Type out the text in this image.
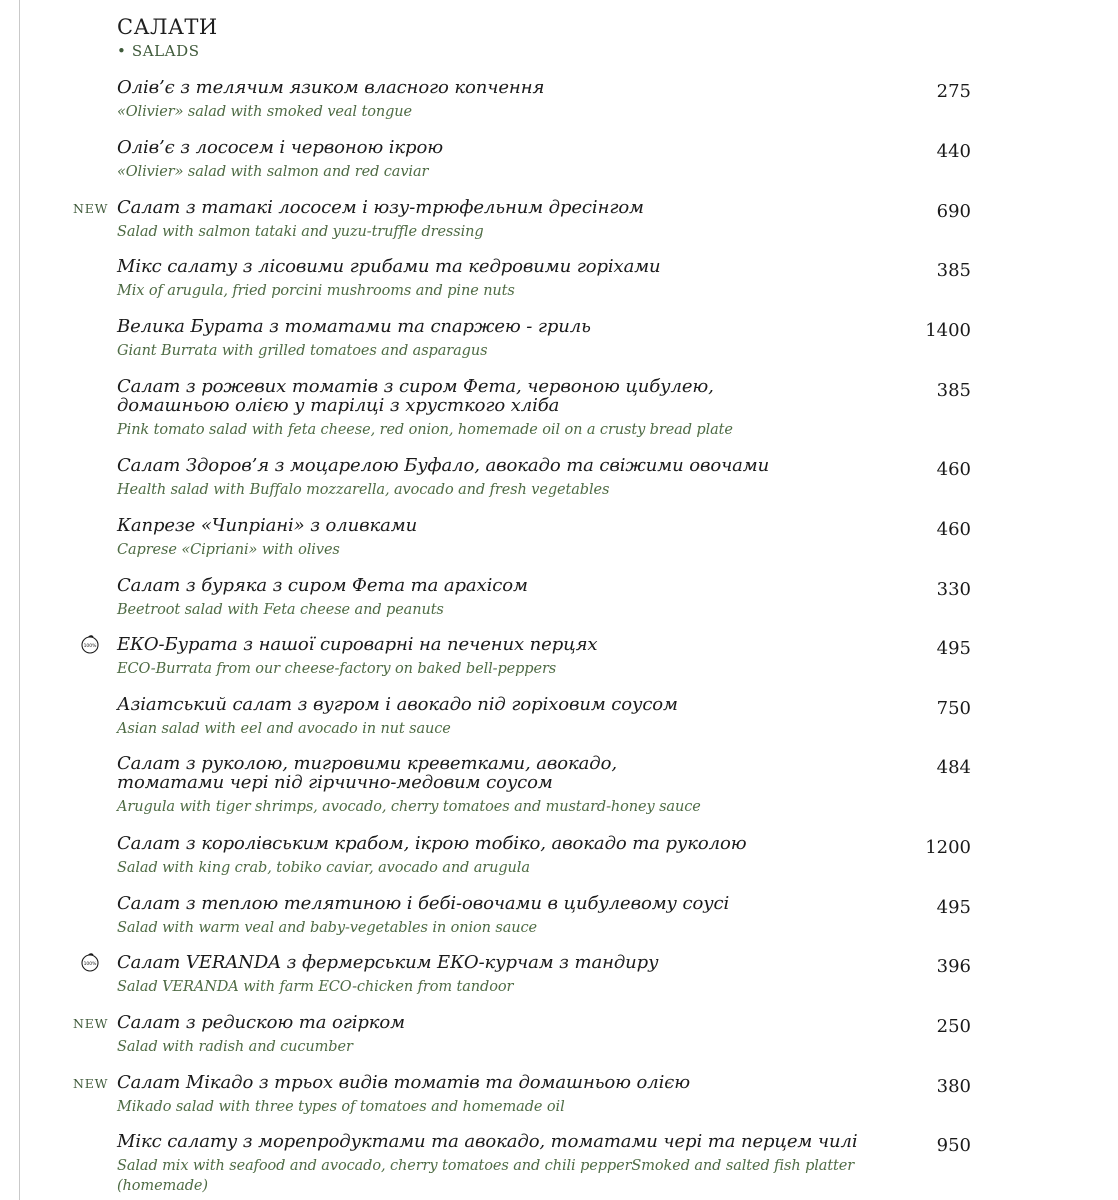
САЛАТИ
• SALADS
Олів’є з телячим язиком власного копчення
«Olivier» salad with smoked veal tongue
275
Олів’є з лососем і червоною ікрою
«Olivier» salad with salmon and red caviar
440
Салат з татакі лососем і юзу-трюфельним дресінгом
Salad with salmon tataki and yuzu-truffle dressing
690
NEW
Мікс салату з лісовими грибами та кедровими горіхами
Mix of arugula, fried porcini mushrooms and pine nuts
385
Велика Бурата з томатами та спаржею - гриль
Giant Burrata with grilled tomatoes and asparagus
1400
Салат з рожевих томатів з сиром Фета, червоною цибулею,
домашньою олією у тарілці з хрусткого хліба
Pink tomato salad with feta cheese, red onion, homemade oil on a crusty bread plate
385
Салат Здоров’я з моцарелою Буфало, авокадо та свіжими овочами
Health salad with Buffalo mozzarella, avocado and fresh vegetables
460
Капрезе «Чипріані» з оливками
Caprese «Cipriani» with olives
460
Салат з буряка з сиром Фета та арахісом
Beetroot salad with Feta cheese and peanuts
330
ЕКО-Бурата з нашої сироварні на печених перцях
ECO-Burrata from our cheese-factory on baked bell-peppers
495
100%
Азіатський салат з вугром і авокадо під горіховим соусом
Asian salad with eel and avocado in nut sauce
750
Салат з руколою, тигровими креветками, авокадо,
томатами чері під гірчично-медовим соусом
Arugula with tiger shrimps, avocado, cherry tomatoes and mustard-honey sauce
484
Салат з королівським крабом, ікрою тобіко, авокадо та руколою
Salad with king crab, tobiko caviar, avocado and arugula
1200
Салат з теплою телятиною і бебі-овочами в цибулевому соусі
Salad with warm veal and baby-vegetables in onion sauce
495
Салат VERANDA з фермерським ЕКО-курчам з тандиру
Salad VERANDA with farm ECO-chicken from tandoor
396
100%
Салат з редискою та огірком
Salad with radish and cucumber
250
NEW
Салат Мікадо з трьох видів томатів та домашньою олією
Mikado salad with three types of tomatoes and homemade oil
380
NEW
Мікс салату з морепродуктами та авокадо, томатами чері та перцем чилі
Salad mix with seafood and avocado, cherry tomatoes and chili pepperSmoked and salted fish platter
(homemade)
950
